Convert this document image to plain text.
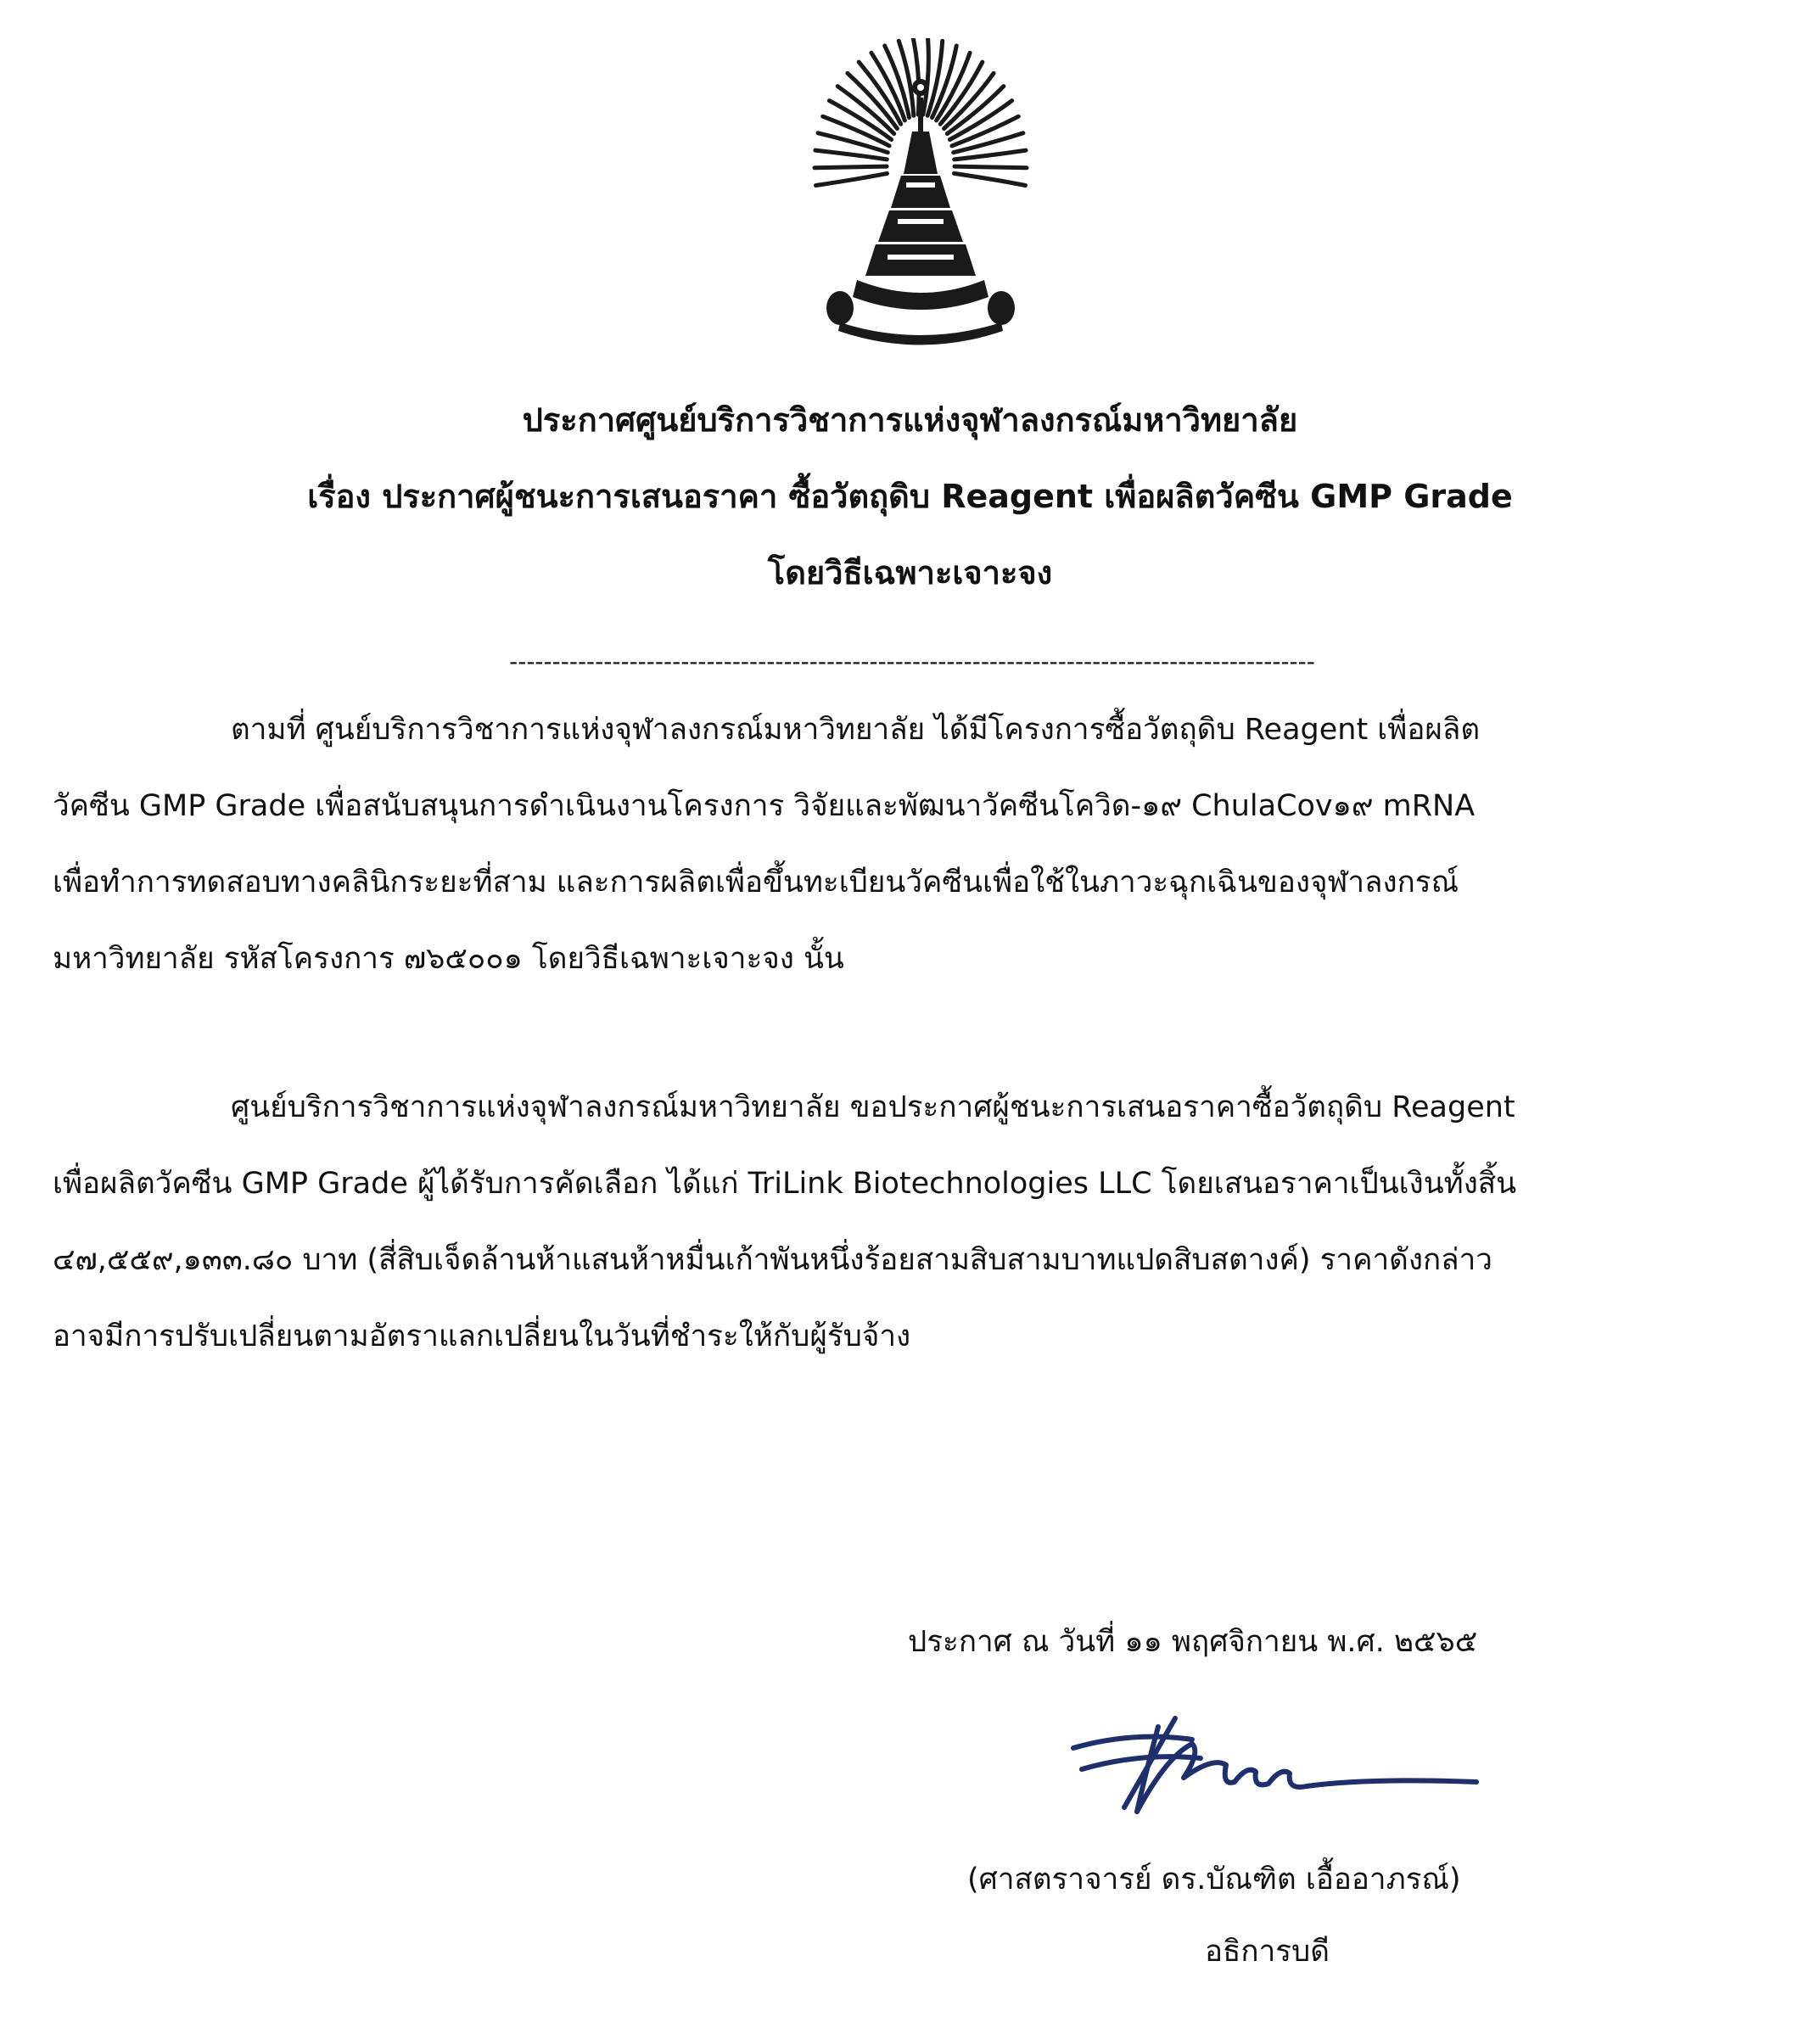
ประกาศศูนย์บริการวิชาการแห่งจุฬาลงกรณ์มหาวิทยาลัย
เรื่อง ประกาศผู้ชนะการเสนอราคา ซื้อวัตถุดิบ Reagent เพื่อผลิตวัคซีน GMP Grade
โดยวิธีเฉพาะเจาะจง
----------------------------------------------------------------------------------------------
ตามที่ ศูนย์บริการวิชาการแห่งจุฬาลงกรณ์มหาวิทยาลัย ได้มีโครงการซื้อวัตถุดิบ Reagent เพื่อผลิต
วัคซีน GMP Grade เพื่อสนับสนุนการดำเนินงานโครงการ วิจัยและพัฒนาวัคซีนโควิด-๑๙ ChulaCov๑๙ mRNA
เพื่อทำการทดสอบทางคลินิกระยะที่สาม และการผลิตเพื่อขึ้นทะเบียนวัคซีนเพื่อใช้ในภาวะฉุกเฉินของจุฬาลงกรณ์
มหาวิทยาลัย รหัสโครงการ ๗๖๕๐๐๑ โดยวิธีเฉพาะเจาะจง นั้น
ศูนย์บริการวิชาการแห่งจุฬาลงกรณ์มหาวิทยาลัย ขอประกาศผู้ชนะการเสนอราคาซื้อวัตถุดิบ Reagent
เพื่อผลิตวัคซีน GMP Grade ผู้ได้รับการคัดเลือก ได้แก่ TriLink Biotechnologies LLC โดยเสนอราคาเป็นเงินทั้งสิ้น
๔๗,๕๕๙,๑๓๓.๘๐ บาท (สี่สิบเจ็ดล้านห้าแสนห้าหมื่นเก้าพันหนึ่งร้อยสามสิบสามบาทแปดสิบสตางค์) ราคาดังกล่าว
อาจมีการปรับเปลี่ยนตามอัตราแลกเปลี่ยนในวันที่ชำระให้กับผู้รับจ้าง
ประกาศ ณ วันที่ ๑๑ พฤศจิกายน พ.ศ. ๒๕๖๕
(ศาสตราจารย์ ดร.บัณฑิต เอื้ออาภรณ์)
อธิการบดี
